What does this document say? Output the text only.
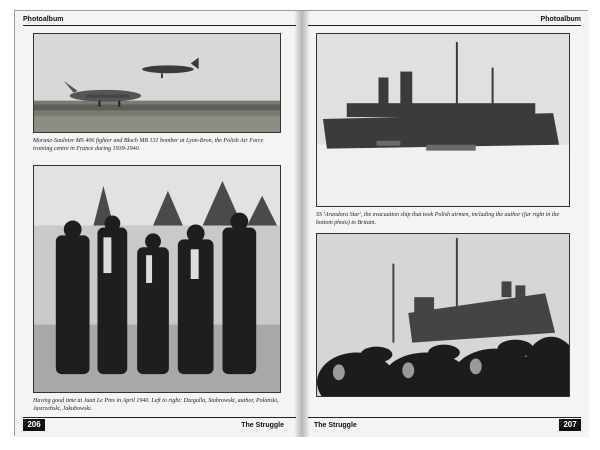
Photoalbum
Morane-Saulnier MS 406 fighter and Bloch MB 131 bomber at Lyon-Bron, the Polish Air Force training centre in France during 1939-1940.
Having good time at Juan Le Pins in April 1940. Left to right: Dzegalla, Stabrowski, author, Polanski, Jastrzebski, Jakubowski.
206	The Struggle
Photoalbum
SS 'Arandora Star', the evacuation ship that took Polish airmen, including the author (far right in the bottom photo) to Britain.
The Struggle	207
